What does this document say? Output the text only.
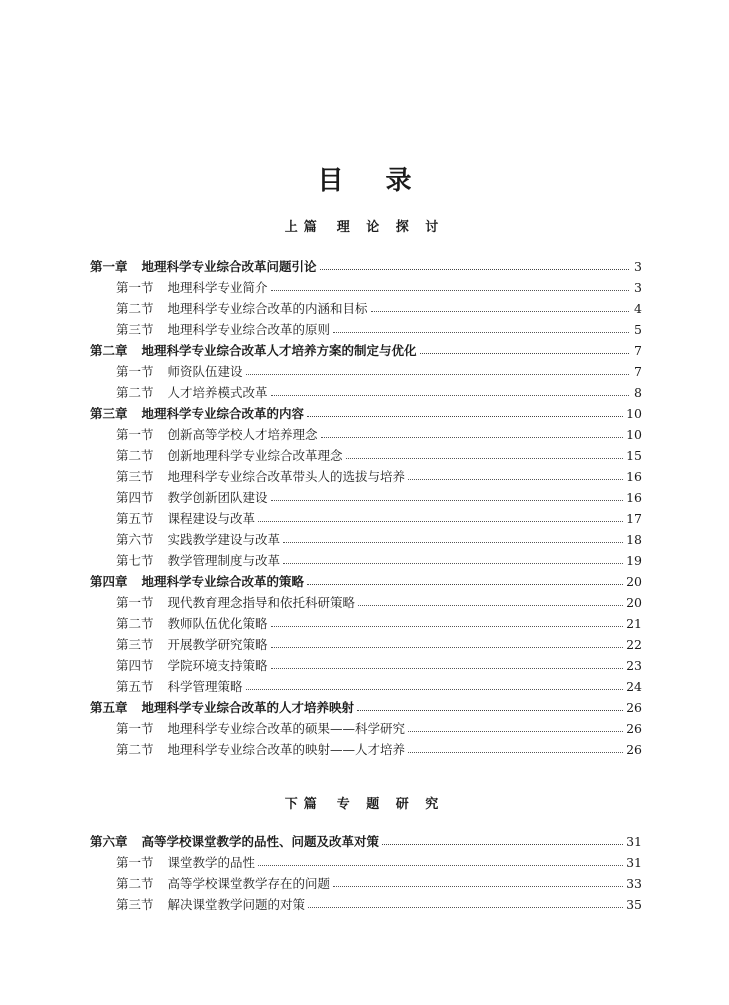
目 录
上篇 理 论 探 讨
第一章 地理科学专业综合改革问题引论	3
第一节 地理科学专业简介	3
第二节 地理科学专业综合改革的内涵和目标	4
第三节 地理科学专业综合改革的原则	5
第二章 地理科学专业综合改革人才培养方案的制定与优化	7
第一节 师资队伍建设	7
第二节 人才培养模式改革	8
第三章 地理科学专业综合改革的内容	10
第一节 创新高等学校人才培养理念	10
第二节 创新地理科学专业综合改革理念	15
第三节 地理科学专业综合改革带头人的选拔与培养	16
第四节 教学创新团队建设	16
第五节 课程建设与改革	17
第六节 实践教学建设与改革	18
第七节 教学管理制度与改革	19
第四章 地理科学专业综合改革的策略	20
第一节 现代教育理念指导和依托科研策略	20
第二节 教师队伍优化策略	21
第三节 开展教学研究策略	22
第四节 学院环境支持策略	23
第五节 科学管理策略	24
第五章 地理科学专业综合改革的人才培养映射	26
第一节 地理科学专业综合改革的硕果——科学研究	26
第二节 地理科学专业综合改革的映射——人才培养	26
下篇 专 题 研 究
第六章 高等学校课堂教学的品性、问题及改革对策	31
第一节 课堂教学的品性	31
第二节 高等学校课堂教学存在的问题	33
第三节 解决课堂教学问题的对策	35
